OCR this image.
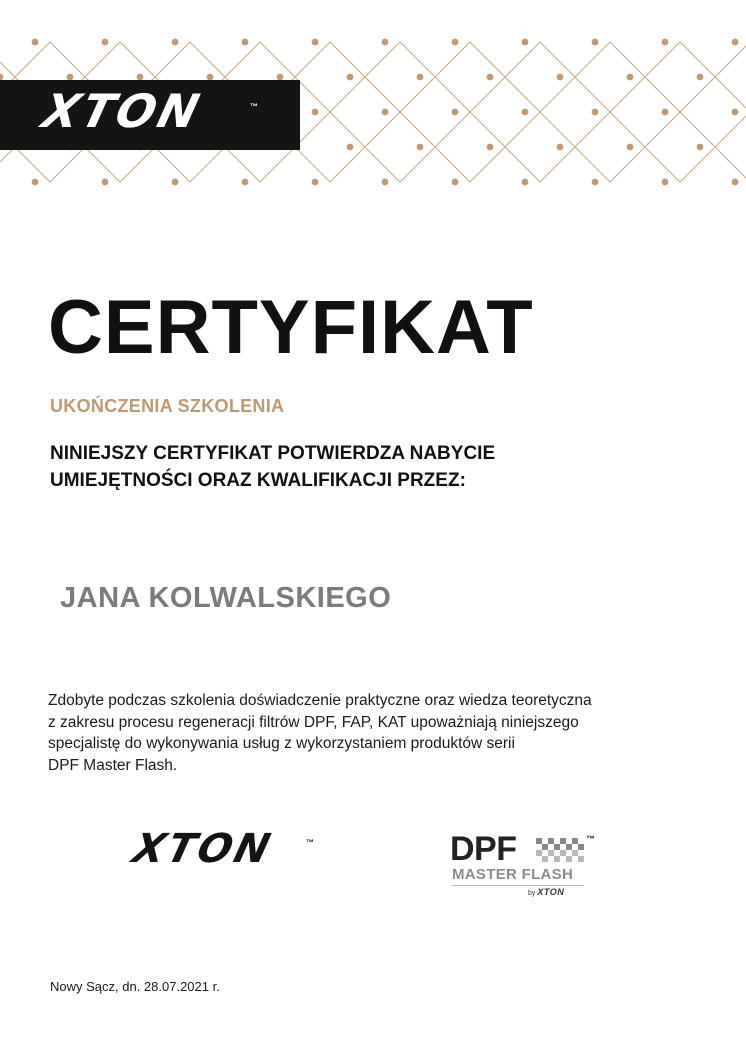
XTON	™
CERTYFIKAT
UKOŃCZENIA SZKOLENIA
NINIEJSZY CERTYFIKAT POTWIERDZA NABYCIE
UMIEJĘTNOŚCI ORAZ KWALIFIKACJI PRZEZ:
JANA KOLWALSKIEGO
Zdobyte podczas szkolenia doświadczenie praktyczne oraz wiedza teoretyczna
z zakresu procesu regeneracji filtrów DPF, FAP, KAT upoważniają niniejszego
specjalistę do wykonywania usług z wykorzystaniem produktów serii
DPF Master Flash.
XTON	™	DPF	™
MASTER FLASH
by XTON
Nowy Sącz, dn. 28.07.2021 r.
